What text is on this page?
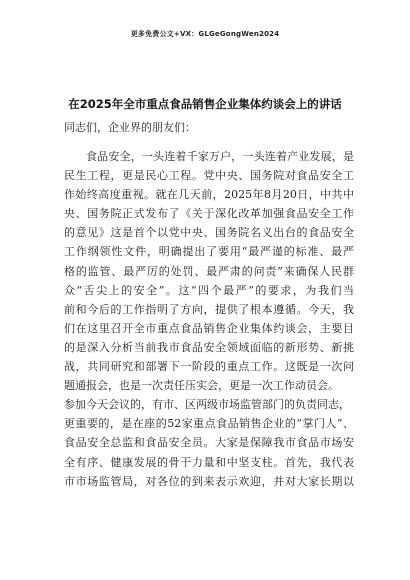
更多免费公文+VX：GLGeGongWen2024
在2025年全市重点食品销售企业集体约谈会上的讲话
同志们，企业界的朋友们：
食品安全，一头连着千家万户，一头连着产业发展，是
民生工程，更是民心工程。党中央、国务院对食品安全工
作始终高度重视。就在几天前，2025年8月20日，中共中
央、国务院正式发布了《关于深化改革加强食品安全工作
的意见》这是首个以党中央、国务院名义出台的食品安全
工作纲领性文件，明确提出了要用“最严谨的标准、最严
格的监管、最严厉的处罚、最严肃的问责”来确保人民群
众“舌尖上的安全”。这“四个最严”的要求，为我们当
前和今后的工作指明了方向，提供了根本遵循。今天，我
们在这里召开全市重点食品销售企业集体约谈会，主要目
的是深入分析当前我市食品安全领域面临的新形势、新挑
战，共同研究和部署下一阶段的重点工作。这既是一次问
题通报会，也是一次责任压实会，更是一次工作动员会。
参加今天会议的，有市、区两级市场监管部门的负责同志，
更重要的，是在座的52家重点食品销售企业的“掌门人”、
食品安全总监和食品安全员。大家是保障我市食品市场安
全有序、健康发展的骨干力量和中坚支柱。首先，我代表
市市场监管局，对各位的到来表示欢迎，并对大家长期以
